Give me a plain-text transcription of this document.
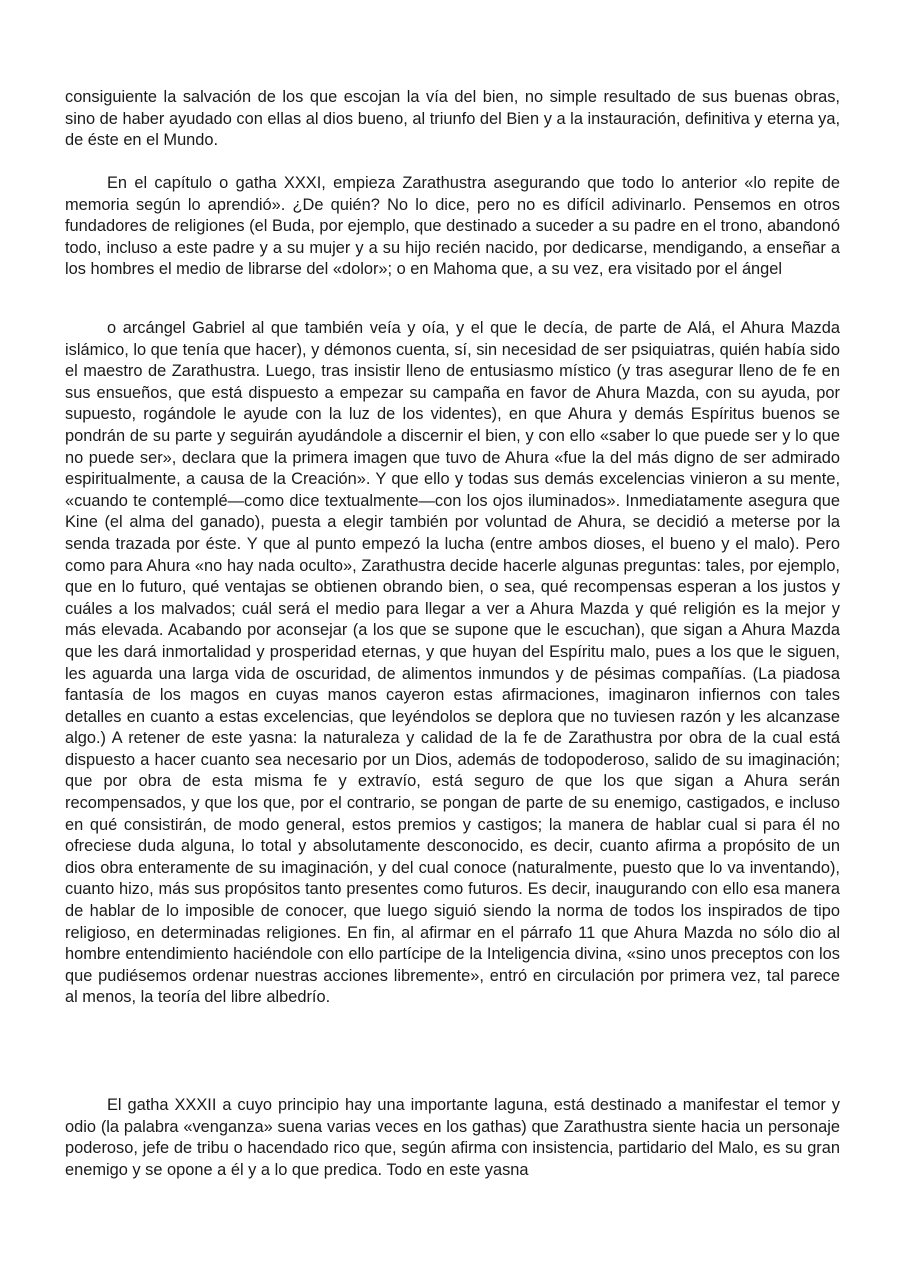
consiguiente la salvación de los que escojan la vía del bien, no simple resultado de sus buenas obras, sino de haber ayudado con ellas al dios bueno, al triunfo del Bien y a la instauración, definitiva y eterna ya, de éste en el Mundo.

En el capítulo o gatha XXXI, empieza Zarathustra asegurando que todo lo anterior «lo repite de memoria según lo aprendió». ¿De quién? No lo dice, pero no es difícil adivinarlo. Pensemos en otros fundadores de religiones (el Buda, por ejemplo, que destinado a suceder a su padre en el trono, abandonó todo, incluso a este padre y a su mujer y a su hijo recién nacido, por dedicarse, mendigando, a enseñar a los hombres el medio de librarse del «dolor»; o en Mahoma que, a su vez, era visitado por el ángel

o arcángel Gabriel al que también veía y oía, y el que le decía, de parte de Alá, el Ahura Mazda islámico, lo que tenía que hacer), y démonos cuenta, sí, sin necesidad de ser psiquiatras, quién había sido el maestro de Zarathustra. Luego, tras insistir lleno de entusiasmo místico (y tras asegurar lleno de fe en sus ensueños, que está dispuesto a empezar su campaña en favor de Ahura Mazda, con su ayuda, por supuesto, rogándole le ayude con la luz de los videntes), en que Ahura y demás Espíritus buenos se pondrán de su parte y seguirán ayudándole a discernir el bien, y con ello «saber lo que puede ser y lo que no puede ser», declara que la primera imagen que tuvo de Ahura «fue la del más digno de ser admirado espiritualmente, a causa de la Creación». Y que ello y todas sus demás excelencias vinieron a su mente, «cuando te contemplé—como dice textualmente—con los ojos iluminados». Inmediatamente asegura que Kine (el alma del ganado), puesta a elegir también por voluntad de Ahura, se decidió a meterse por la senda trazada por éste. Y que al punto empezó la lucha (entre ambos dioses, el bueno y el malo). Pero como para Ahura «no hay nada oculto», Zarathustra decide hacerle algunas preguntas: tales, por ejemplo, que en lo futuro, qué ventajas se obtienen obrando bien, o sea, qué recompensas esperan a los justos y cuáles a los malvados; cuál será el medio para llegar a ver a Ahura Mazda y qué religión es la mejor y más elevada. Acabando por aconsejar (a los que se supone que le escuchan), que sigan a Ahura Mazda que les dará inmortalidad y prosperidad eternas, y que huyan del Espíritu malo, pues a los que le siguen, les aguarda una larga vida de oscuridad, de alimentos inmundos y de pésimas compañías. (La piadosa fantasía de los magos en cuyas manos cayeron estas afirmaciones, imaginaron infiernos con tales detalles en cuanto a estas excelencias, que leyéndolos se deplora que no tuviesen razón y les alcanzase algo.) A retener de este yasna: la naturaleza y calidad de la fe de Zarathustra por obra de la cual está dispuesto a hacer cuanto sea necesario por un Dios, además de todopoderoso, salido de su imaginación; que por obra de esta misma fe y extravío, está seguro de que los que sigan a Ahura serán recompensados, y que los que, por el contrario, se pongan de parte de su enemigo, castigados, e incluso en qué consistirán, de modo general, estos premios y castigos; la manera de hablar cual si para él no ofreciese duda alguna, lo total y absolutamente desconocido, es decir, cuanto afirma a propósito de un dios obra enteramente de su imaginación, y del cual conoce (naturalmente, puesto que lo va inventando), cuanto hizo, más sus propósitos tanto presentes como futuros. Es decir, inaugurando con ello esa manera de hablar de lo imposible de conocer, que luego siguió siendo la norma de todos los inspirados de tipo religioso, en determinadas religiones. En fin, al afirmar en el párrafo 11 que Ahura Mazda no sólo dio al hombre entendimiento haciéndole con ello partícipe de la Inteligencia divina, «sino unos preceptos con los que pudiésemos ordenar nuestras acciones libremente», entró en circulación por primera vez, tal parece al menos, la teoría del libre albedrío.

El gatha XXXII a cuyo principio hay una importante laguna, está destinado a manifestar el temor y odio (la palabra «venganza» suena varias veces en los gathas) que Zarathustra siente hacia un personaje poderoso, jefe de tribu o hacendado rico que, según afirma con insistencia, partidario del Malo, es su gran enemigo y se opone a él y a lo que predica. Todo en este yasna
